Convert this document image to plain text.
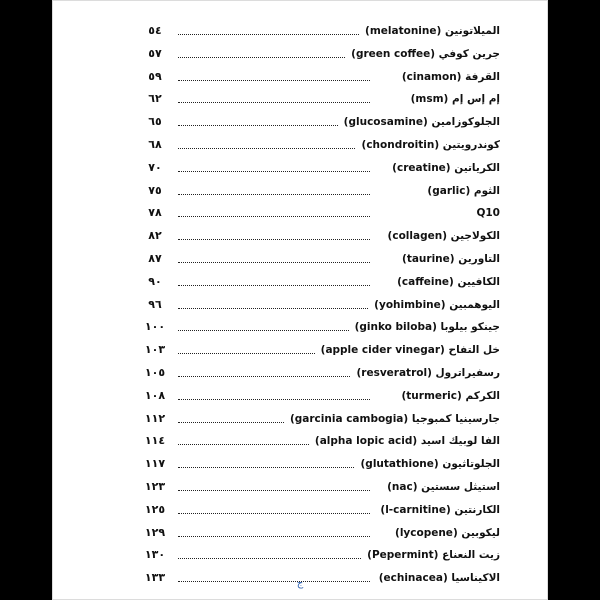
الميلاتونين (melatonine)
٥٤
جرين كوفي (green coffee)
٥٧
القرفة (cinamon)
٥٩
إم إس إم (msm)
٦٢
الجلوكوزامين (glucosamine)
٦٥
كوندرويتين (chondroitin)
٦٨
الكرياتين (creatine)
٧٠
الثوم (garlic)
٧٥
Q10
٧٨
الكولاجين (collagen)
٨٢
التاورين (taurine)
٨٧
الكافيين (caffeine)
٩٠
اليوهمبين (yohimbine)
٩٦
جينكو بيلوبا (ginko biloba)
١٠٠
خل التفاح (apple cider vinegar)
١٠٣
رسفيراترول (resveratrol)
١٠٥
الكركم (turmeric)
١٠٨
جارسينيا كمبوجيا (garcinia cambogia)
١١٢
الفا لوبيك اسيد (alpha lopic acid)
١١٤
الجلوتاثيون (glutathione)
١١٧
استيثل سستين (nac)
١٢٣
الكارنتين (l-carnitine)
١٢٥
ليكوبين (lycopene)
١٢٩
زيت النعناع (Pepermint)
١٣٠
الاكيناسيا (echinacea)
١٣٣	ج
